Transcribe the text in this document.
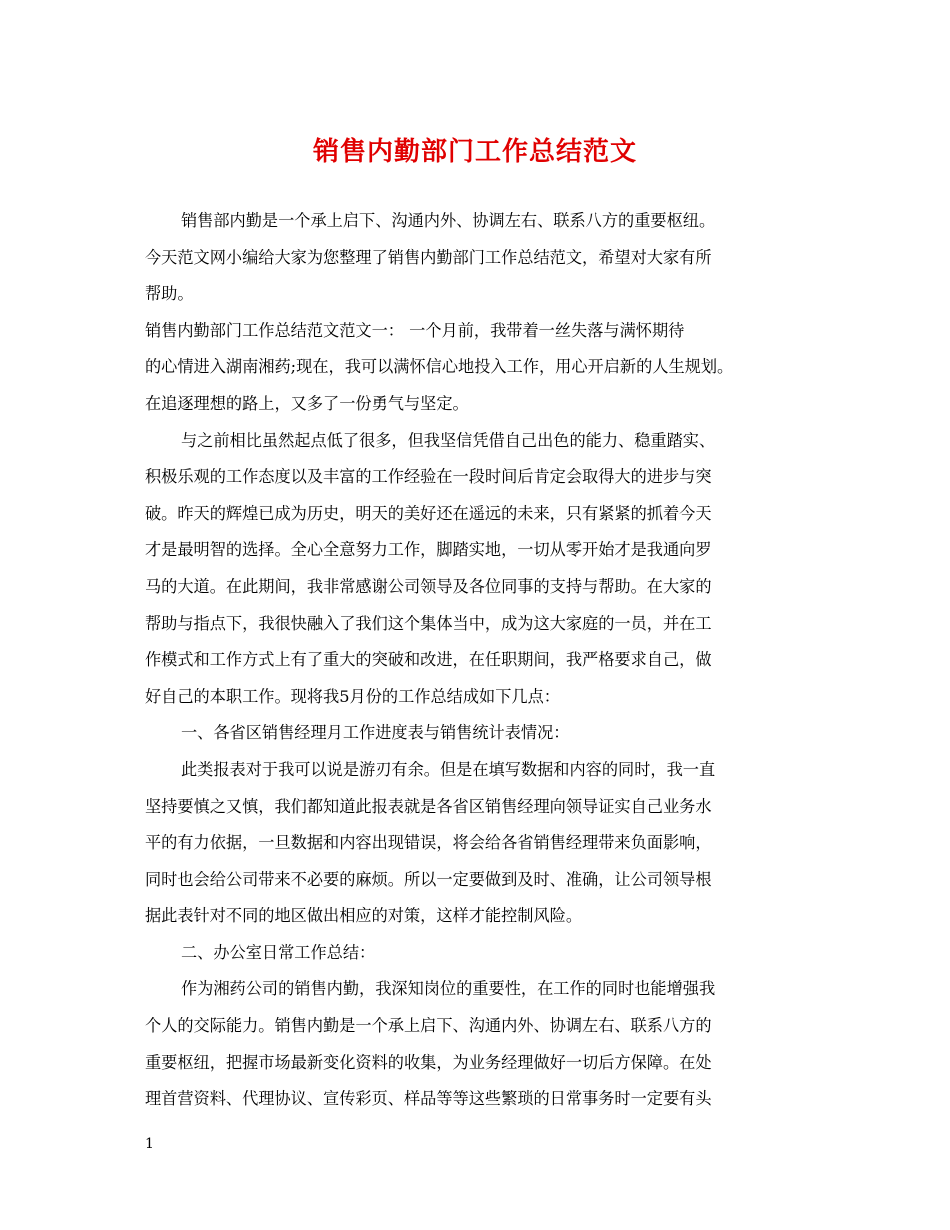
销售内勤部门工作总结范文
销售部内勤是一个承上启下、沟通内外、协调左右、联系八方的重要枢纽。
今天范文网小编给大家为您整理了销售内勤部门工作总结范文，希望对大家有所
帮助。
销售内勤部门工作总结范文范文一： 一个月前，我带着一丝失落与满怀期待
的心情进入湖南湘药;现在，我可以满怀信心地投入工作，用心开启新的人生规划。
在追逐理想的路上，又多了一份勇气与坚定。
与之前相比虽然起点低了很多，但我坚信凭借自己出色的能力、稳重踏实、
积极乐观的工作态度以及丰富的工作经验在一段时间后肯定会取得大的进步与突
破。昨天的辉煌已成为历史，明天的美好还在遥远的未来，只有紧紧的抓着今天
才是最明智的选择。全心全意努力工作，脚踏实地，一切从零开始才是我通向罗
马的大道。在此期间，我非常感谢公司领导及各位同事的支持与帮助。在大家的
帮助与指点下，我很快融入了我们这个集体当中，成为这大家庭的一员，并在工
作模式和工作方式上有了重大的突破和改进，在任职期间，我严格要求自己，做
好自己的本职工作。现将我5月份的工作总结成如下几点：
一、各省区销售经理月工作进度表与销售统计表情况：
此类报表对于我可以说是游刃有余。但是在填写数据和内容的同时，我一直
坚持要慎之又慎，我们都知道此报表就是各省区销售经理向领导证实自己业务水
平的有力依据，一旦数据和内容出现错误，将会给各省销售经理带来负面影响，
同时也会给公司带来不必要的麻烦。所以一定要做到及时、准确，让公司领导根
据此表针对不同的地区做出相应的对策，这样才能控制风险。
二、办公室日常工作总结：
作为湘药公司的销售内勤，我深知岗位的重要性，在工作的同时也能增强我
个人的交际能力。销售内勤是一个承上启下、沟通内外、协调左右、联系八方的
重要枢纽，把握市场最新变化资料的收集，为业务经理做好一切后方保障。在处
理首营资料、代理协议、宣传彩页、样品等等这些繁琐的日常事务时一定要有头
1
